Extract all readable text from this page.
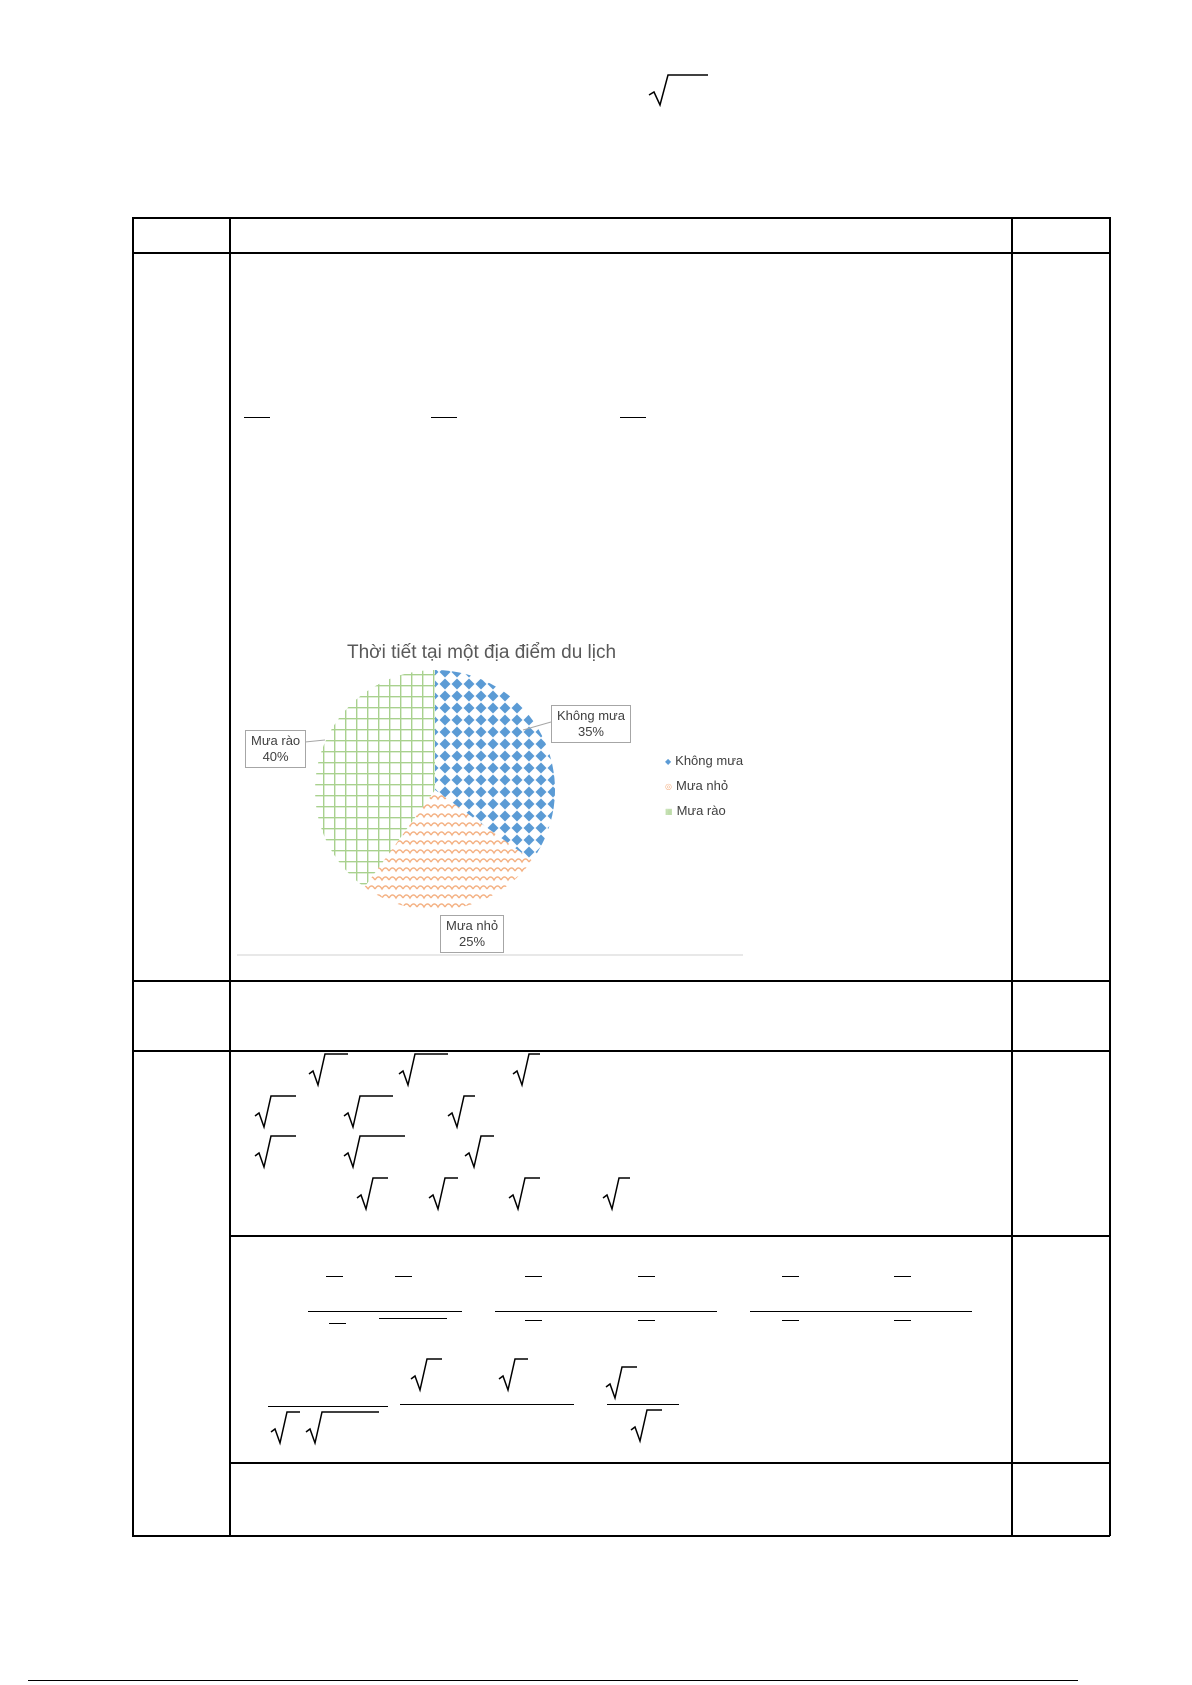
Thời tiết tại một địa điểm du lịch
Không mưa
35%
Mưa rào
40%
Mưa nhỏ
25%
◆ Không mưa
◎ Mưa nhỏ
▦ Mưa rào
